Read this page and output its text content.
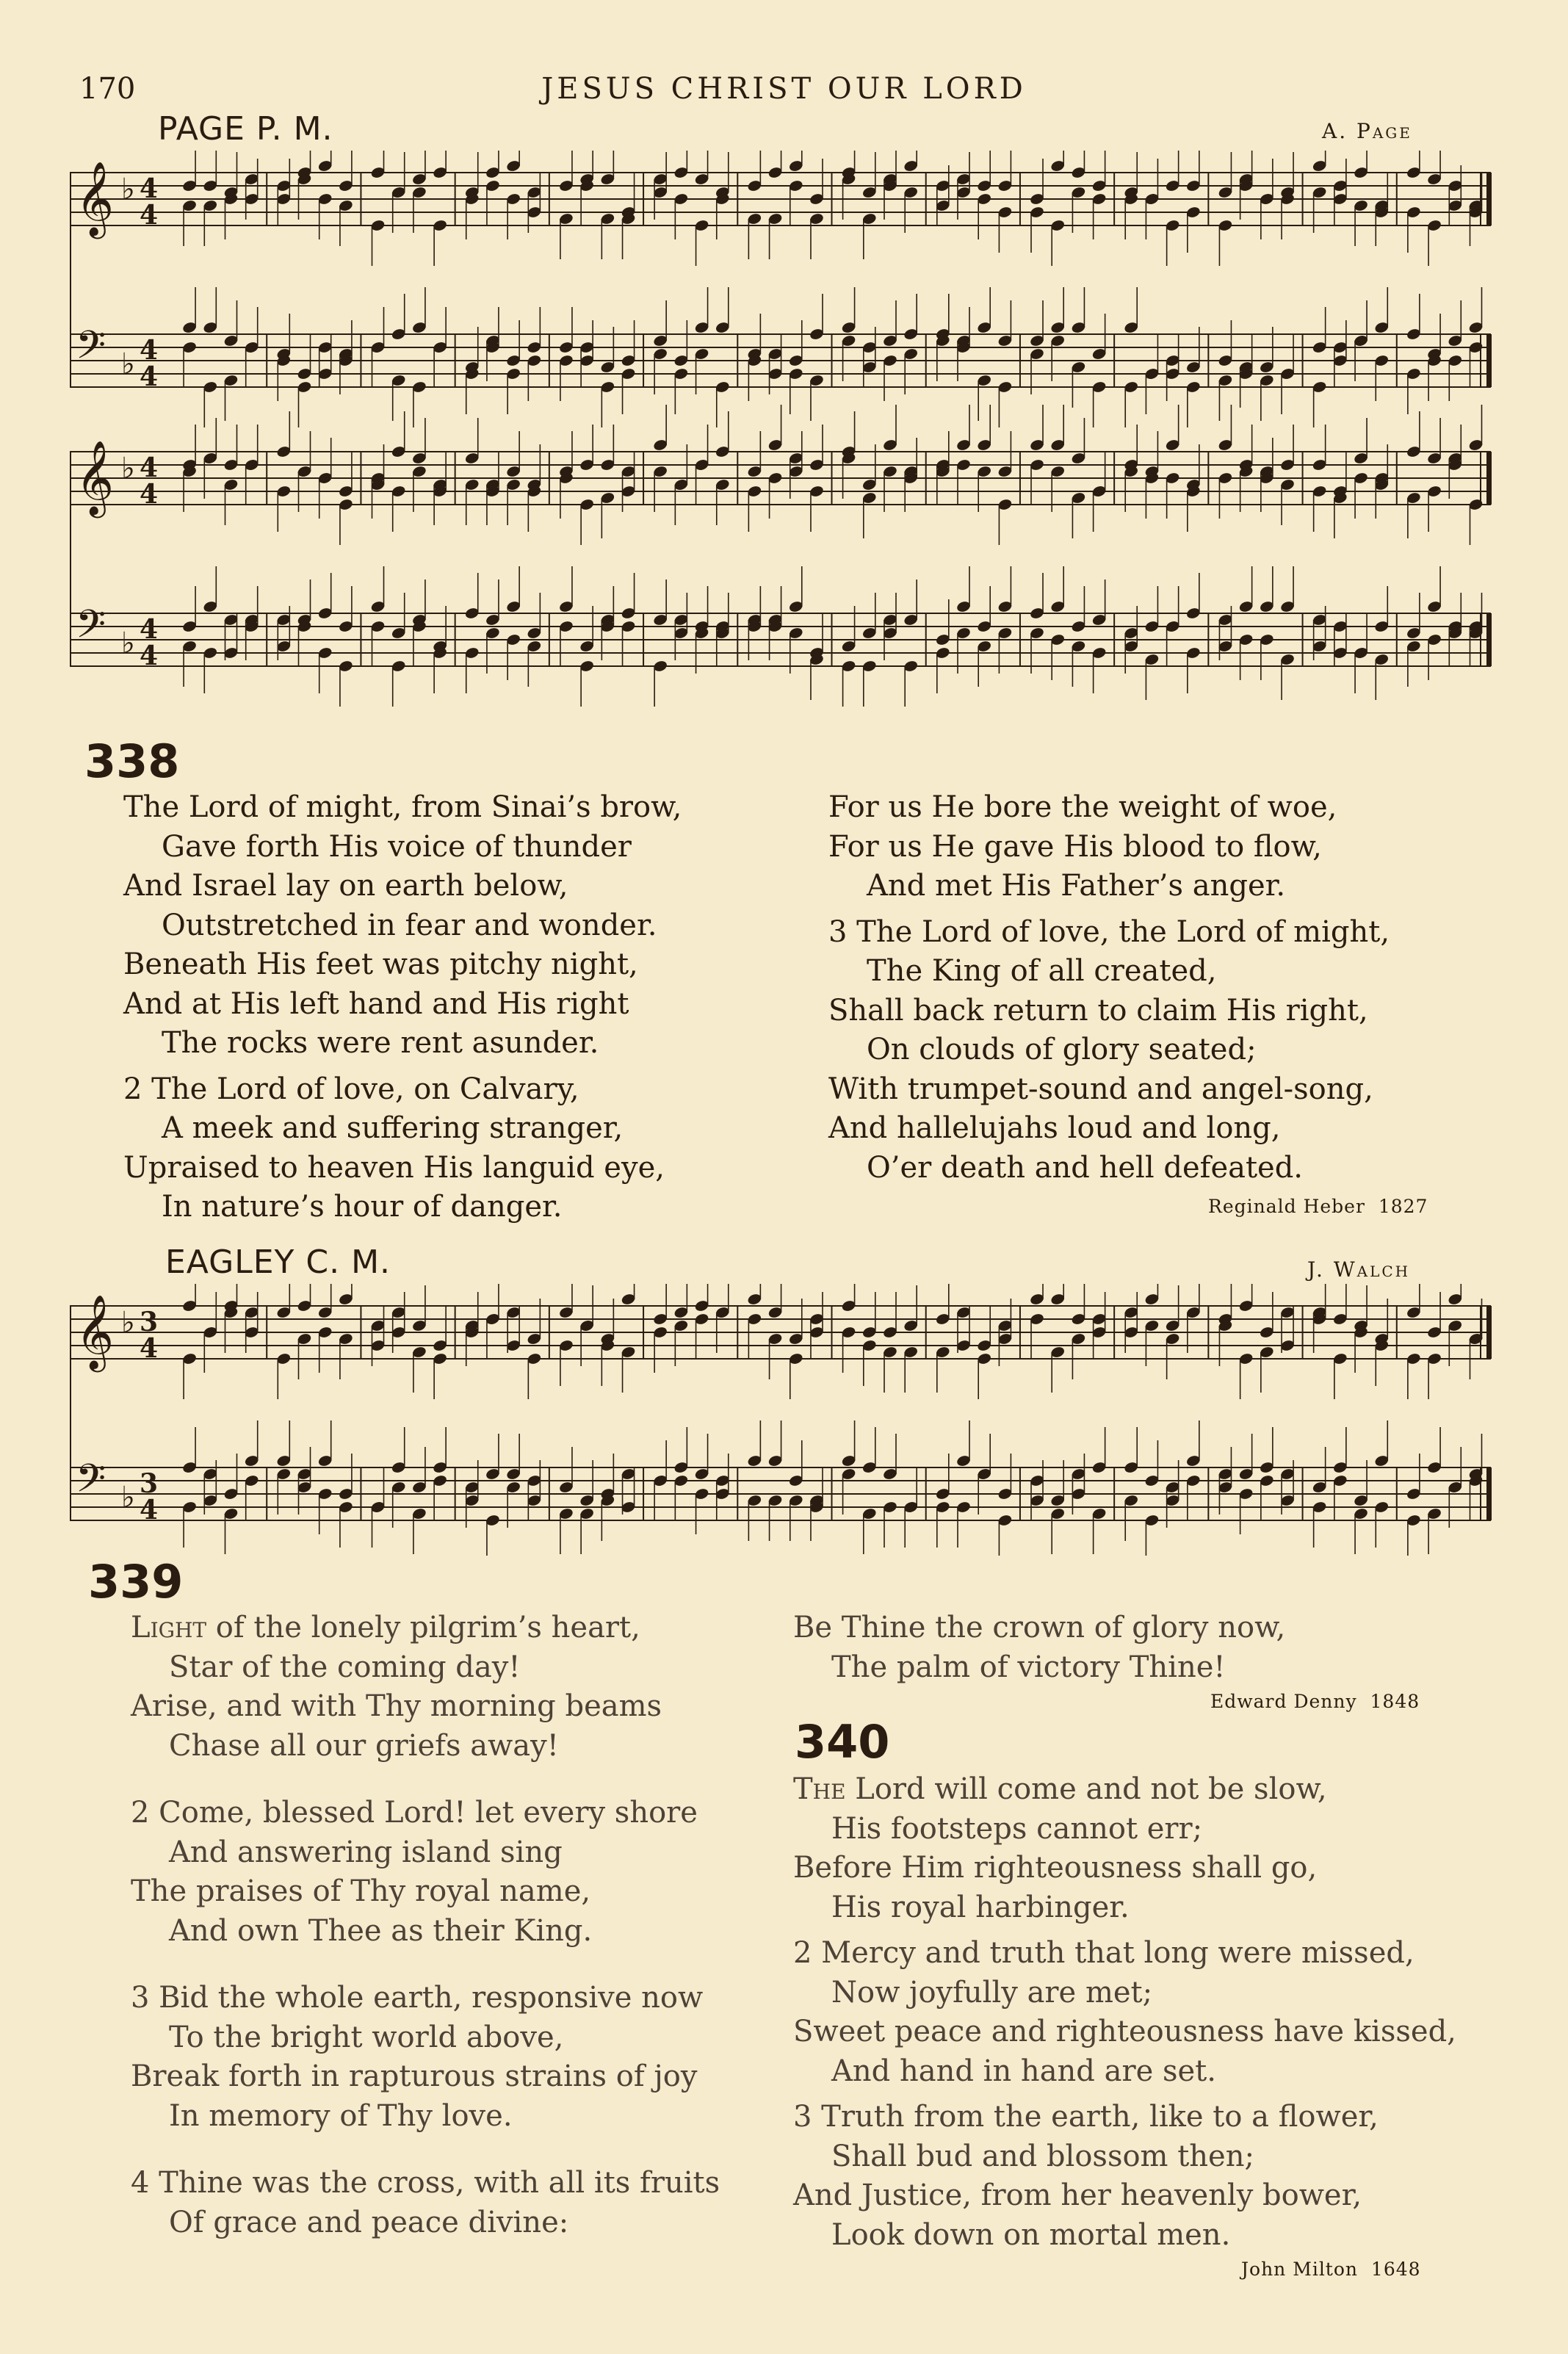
170	JESUS CHRIST OUR LORD
PAGE P. M.	A. Page
𝄞 ♭ 4
4
𝄢 ♭ 4
4
𝄞 ♭ 4
4
𝄢 ♭ 4
4
338

The Lord of might, from Sinai’s brow,

Gave forth His voice of thunder

And Israel lay on earth below,

Outstretched in fear and wonder.

Beneath His feet was pitchy night,

And at His left hand and His right

The rocks were rent asunder.

2 The Lord of love, on Calvary,

A meek and suffering stranger,

Upraised to heaven His languid eye,

In nature’s hour of danger.

For us He bore the weight of woe,

For us He gave His blood to flow,

And met His Father’s anger.

3 The Lord of love, the Lord of might,

The King of all created,

Shall back return to claim His right,

On clouds of glory seated;

With trumpet-sound and angel-song,

And hallelujahs loud and long,

O’er death and hell defeated.

Reginald Heber 1827
EAGLEY C. M.	J. Walch
𝄞 ♭ 3
4
𝄢 ♭ 3
4
339

Light of the lonely pilgrim’s heart,

Star of the coming day!

Arise, and with Thy morning beams

Chase all our griefs away!

2 Come, blessed Lord! let every shore

And answering island sing

The praises of Thy royal name,

And own Thee as their King.

3 Bid the whole earth, responsive now

To the bright world above,

Break forth in rapturous strains of joy

In memory of Thy love.

4 Thine was the cross, with all its fruits

Of grace and peace divine:

Be Thine the crown of glory now,

The palm of victory Thine!

Edward Denny 1848
340

The Lord will come and not be slow,

His footsteps cannot err;

Before Him righteousness shall go,

His royal harbinger.

2 Mercy and truth that long were missed,

Now joyfully are met;

Sweet peace and righteousness have kissed,

And hand in hand are set.

3 Truth from the earth, like to a flower,

Shall bud and blossom then;

And Justice, from her heavenly bower,

Look down on mortal men.

John Milton 1648
